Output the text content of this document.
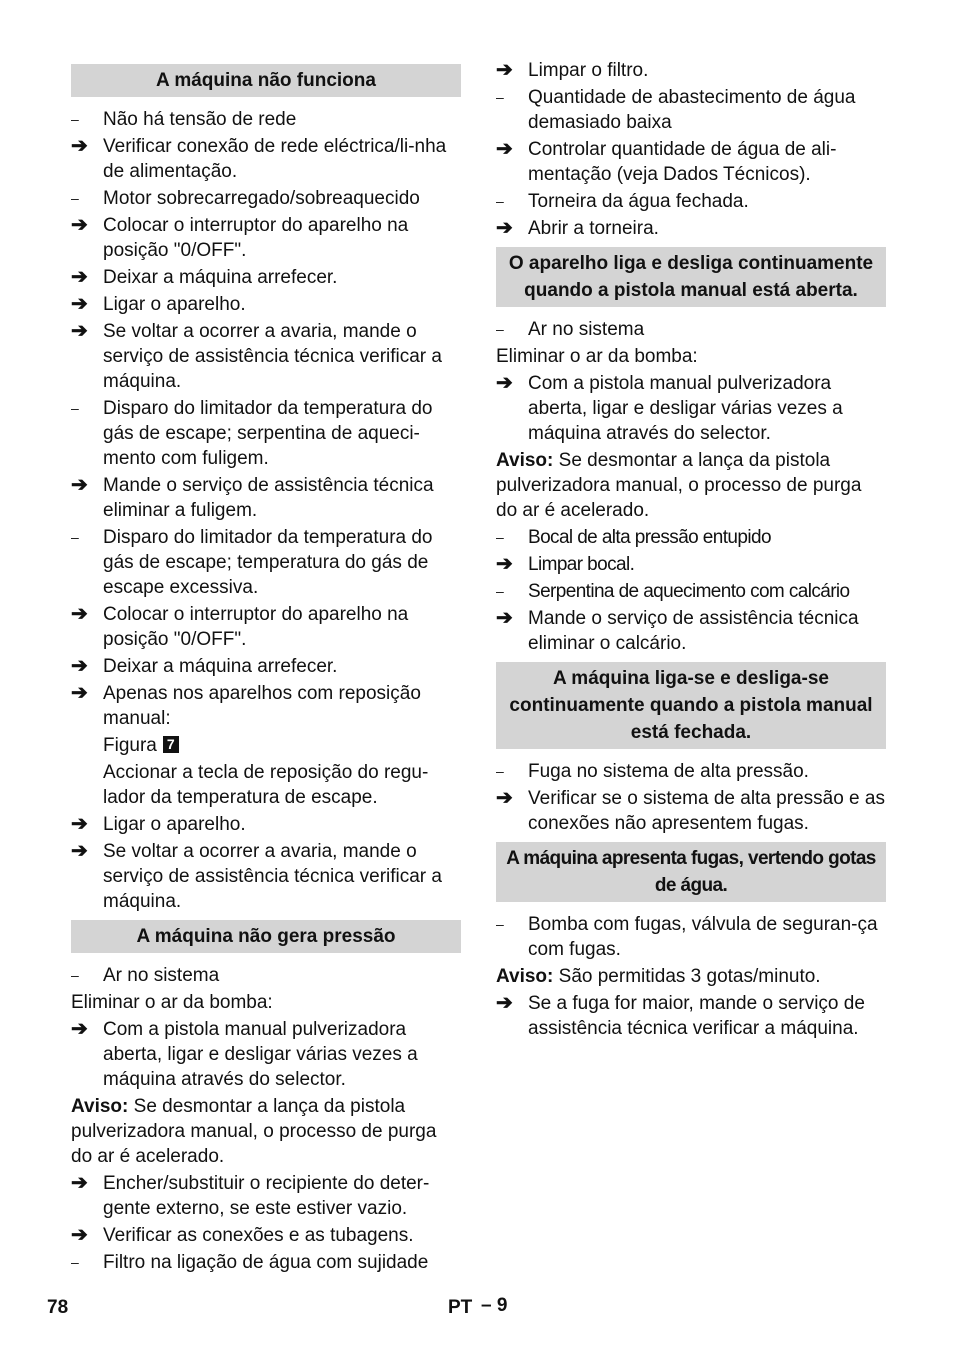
A máquina não funciona
–	Não há tensão de rede
➔ Verificar conexão de rede eléctrica/li-nha de alimentação.
–	Motor sobrecarregado/sobreaquecido
➔ Colocar o interruptor do aparelho na posição "0/OFF".
➔ Deixar a máquina arrefecer.
➔ Ligar o aparelho.
➔ Se voltar a ocorrer a avaria, mande o serviço de assistência técnica verificar a máquina.
–	Disparo do limitador da temperatura do gás de escape; serpentina de aqueci-mento com fuligem.
➔ Mande o serviço de assistência técnica eliminar a fuligem.
–	Disparo do limitador da temperatura do gás de escape; temperatura do gás de escape excessiva.
➔ Colocar o interruptor do aparelho na posição "0/OFF".
➔ Deixar a máquina arrefecer.
➔ Apenas nos aparelhos com reposição manual:
Figura 7
Accionar a tecla de reposição do regu-lador da temperatura de escape.
➔ Ligar o aparelho.
➔ Se voltar a ocorrer a avaria, mande o serviço de assistência técnica verificar a máquina.
A máquina não gera pressão
–	Ar no sistema
Eliminar o ar da bomba:
➔ Com a pistola manual pulverizadora aberta, ligar e desligar várias vezes a máquina através do selector.
Aviso: Se desmontar a lança da pistola pulverizadora manual, o processo de purga do ar é acelerado.
➔ Encher/substituir o recipiente do deter-gente externo, se este estiver vazio.
➔ Verificar as conexões e as tubagens.
–	Filtro na ligação de água com sujidade
➔ Limpar o filtro.
–	Quantidade de abastecimento de água demasiado baixa
➔ Controlar quantidade de água de ali-mentação (veja Dados Técnicos).
–	Torneira da água fechada.
➔ Abrir a torneira.
O aparelho liga e desliga continuamente quando a pistola manual está aberta.
–	Ar no sistema
Eliminar o ar da bomba:
➔ Com a pistola manual pulverizadora aberta, ligar e desligar várias vezes a máquina através do selector.
Aviso: Se desmontar a lança da pistola pulverizadora manual, o processo de purga do ar é acelerado.
–	Bocal de alta pressão entupido
➔ Limpar bocal.
–	Serpentina de aquecimento com calcário
➔ Mande o serviço de assistência técnica eliminar o calcário.
A máquina liga-se e desliga-se continuamente quando a pistola manual está fechada.
–	Fuga no sistema de alta pressão.
➔ Verificar se o sistema de alta pressão e as conexões não apresentem fugas.
A máquina apresenta fugas, vertendo gotas de água.
–	Bomba com fugas, válvula de seguran-ça com fugas.
Aviso: São permitidas 3 gotas/minuto.
➔ Se a fuga for maior, mande o serviço de assistência técnica verificar a máquina.
78	PT – 9
